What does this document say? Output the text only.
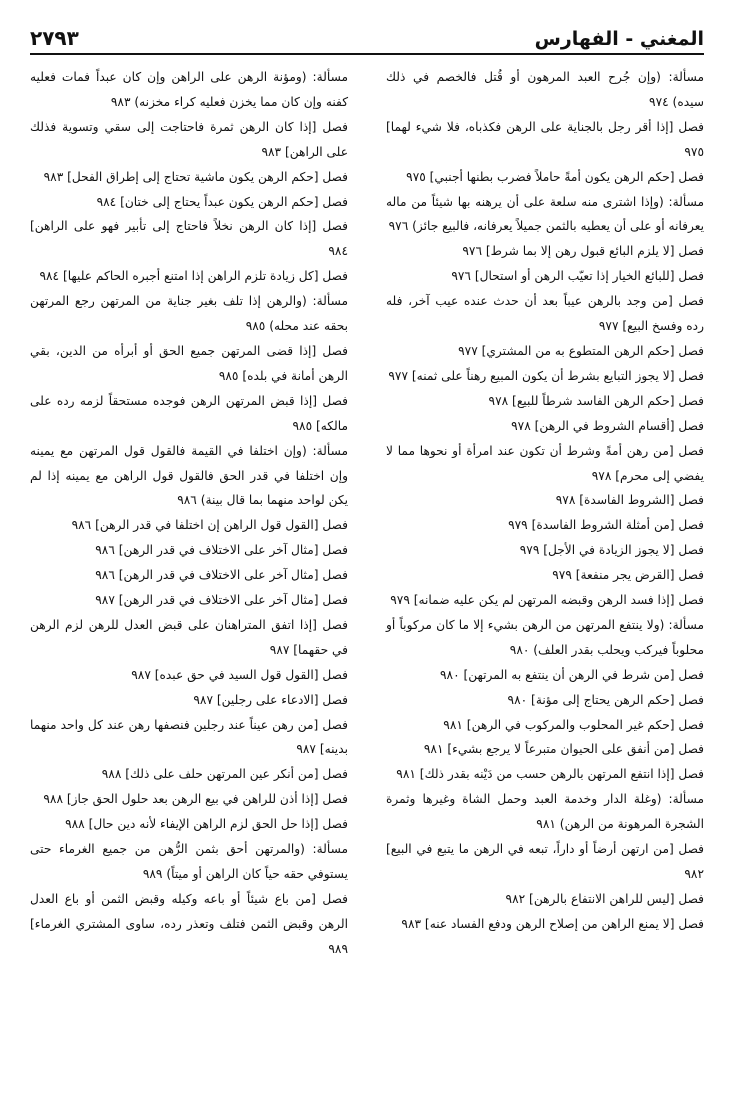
المغني - الفهارس
٢٧٩٣
مسألة: (وإن جُرح العبد المرهون أو قُتل فالخصم في ذلك سيده) ٩٧٤
فصل [إذا أقر رجل بالجناية على الرهن فكذباه، فلا شيء لهما] ٩٧٥
فصل [حكم الرهن يكون أمةً حاملاً فضرب بطنها أجنبي] ٩٧٥
مسألة: (وإذا اشترى منه سلعة على أن يرهنه بها شيئاً من ماله يعرفانه أو على أن يعطيه بالثمن جميلاً يعرفانه، فالبيع جائز) ٩٧٦
فصل [لا يلزم البائع قبول رهن إلا بما شرط] ٩٧٦
فصل [للبائع الخيار إذا تعيّب الرهن أو استحال] ٩٧٦
فصل [من وجد بالرهن عيباً بعد أن حدث عنده عيب آخر، فله رده وفسخ البيع] ٩٧٧
فصل [حكم الرهن المتطوع به من المشتري] ٩٧٧
فصل [لا يجوز التبايع بشرط أن يكون المبيع رهناً على ثمنه] ٩٧٧
فصل [حكم الرهن الفاسد شرطاً للبيع] ٩٧٨
فصل [أقسام الشروط في الرهن] ٩٧٨
فصل [من رهن أمةً وشرط أن تكون عند امرأة أو نحوها مما لا يفضي إلى محرم] ٩٧٨
فصل [الشروط الفاسدة] ٩٧٨
فصل [من أمثلة الشروط الفاسدة] ٩٧٩
فصل [لا يجوز الزيادة في الأجل] ٩٧٩
فصل [القرض يجر منفعة] ٩٧٩
فصل [إذا فسد الرهن وقبضه المرتهن لم يكن عليه ضمانه] ٩٧٩
مسألة: (ولا ينتفع المرتهن من الرهن بشيء إلا ما كان مركوباً أو محلوباً فيركب ويحلب بقدر العلف) ٩٨٠
فصل [من شرط في الرهن أن ينتفع به المرتهن] ٩٨٠
فصل [حكم الرهن يحتاج إلى مؤنة] ٩٨٠
فصل [حكم غير المحلوب والمركوب في الرهن] ٩٨١
فصل [من أنفق على الحيوان متبرعاً لا يرجع بشيء] ٩٨١
فصل [إذا انتفع المرتهن بالرهن حسب من دَيْنه بقدر ذلك] ٩٨١
مسألة: (وغلة الدار وخدمة العبد وحمل الشاة وغيرها وثمرة الشجرة المرهونة من الرهن) ٩٨١
فصل [من ارتهن أرضاً أو داراً، تبعه في الرهن ما يتبع في البيع] ٩٨٢
فصل [ليس للراهن الانتفاع بالرهن] ٩٨٢
فصل [لا يمنع الراهن من إصلاح الرهن ودفع الفساد عنه] ٩٨٣
مسألة: (ومؤنة الرهن على الراهن وإن كان عبداً فمات فعليه كفنه وإن كان مما يخزن فعليه كراء مخزنه) ٩٨٣
فصل [إذا كان الرهن ثمرة فاحتاجت إلى سقي وتسوية فذلك على الراهن] ٩٨٣
فصل [حكم الرهن يكون ماشية تحتاج إلى إطراق الفحل] ٩٨٣
فصل [حكم الرهن يكون عبداً يحتاج إلى ختان] ٩٨٤
فصل [إذا كان الرهن نخلاً فاحتاج إلى تأبير فهو على الراهن] ٩٨٤
فصل [كل زيادة تلزم الراهن إذا امتنع أجبره الحاكم عليها] ٩٨٤
مسألة: (والرهن إذا تلف بغير جناية من المرتهن رجع المرتهن بحقه عند محله) ٩٨٥
فصل [إذا قضى المرتهن جميع الحق أو أبرأه من الدين، بقي الرهن أمانة في بلده] ٩٨٥
فصل [إذا قبض المرتهن الرهن فوجده مستحقاً لزمه رده على مالكه] ٩٨٥
مسألة: (وإن اختلفا في القيمة فالقول قول المرتهن مع يمينه وإن اختلفا في قدر الحق فالقول قول الراهن مع يمينه إذا لم يكن لواحد منهما بما قال بينة) ٩٨٦
فصل [القول قول الراهن إن اختلفا في قدر الرهن] ٩٨٦
فصل [مثال آخر على الاختلاف في قدر الرهن] ٩٨٦
فصل [مثال آخر على الاختلاف في قدر الرهن] ٩٨٦
فصل [مثال آخر على الاختلاف في قدر الرهن] ٩٨٧
فصل [إذا اتفق المتراهنان على قبض العدل للرهن لزم الرهن في حقهما] ٩٨٧
فصل [القول قول السيد في حق عبده] ٩٨٧
فصل [الادعاء على رجلين] ٩٨٧
فصل [من رهن عيناً عند رجلين فنصفها رهن عند كل واحد منهما بدينه] ٩٨٧
فصل [من أنكر عين المرتهن حلف على ذلك] ٩٨٨
فصل [إذا أذن للراهن في بيع الرهن بعد حلول الحق جاز] ٩٨٨
فصل [إذا حل الحق لزم الراهن الإيفاء لأنه دين حال] ٩٨٨
مسألة: (والمرتهن أحق بثمن الرُّهن من جميع الغرماء حتى يستوفي حقه حياً كان الراهن أو ميتاً) ٩٨٩
فصل [من باع شيئاً أو باعه وكيله وقبض الثمن أو باع العدل الرهن وقبض الثمن فتلف وتعذر رده، ساوى المشتري الغرماء] ٩٨٩
